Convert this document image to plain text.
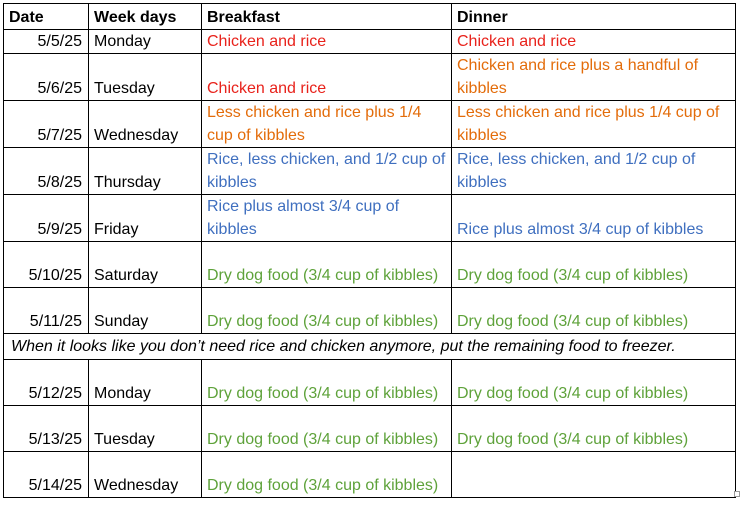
Date	Week days	Breakfast	Dinner
5/5/25	Monday	Chicken and rice	Chicken and rice
5/6/25	Tuesday	Chicken and rice	Chicken and rice plus a handful of kibbles
5/7/25	Wednesday	Less chicken and rice plus 1/4 cup of kibbles	Less chicken and rice plus 1/4 cup of kibbles
5/8/25	Thursday	Rice, less chicken, and 1/2 cup of kibbles	Rice, less chicken, and 1/2 cup of kibbles
5/9/25	Friday	Rice plus almost 3/4 cup of kibbles	Rice plus almost 3/4 cup of kibbles
5/10/25	Saturday	Dry dog food (3/4 cup of kibbles)	Dry dog food (3/4 cup of kibbles)
5/11/25	Sunday	Dry dog food (3/4 cup of kibbles)	Dry dog food (3/4 cup of kibbles)
When it looks like you don’t need rice and chicken anymore, put the remaining food to freezer.			
5/12/25	Monday	Dry dog food (3/4 cup of kibbles)	Dry dog food (3/4 cup of kibbles)
5/13/25	Tuesday	Dry dog food (3/4 cup of kibbles)	Dry dog food (3/4 cup of kibbles)
5/14/25	Wednesday	Dry dog food (3/4 cup of kibbles)	
